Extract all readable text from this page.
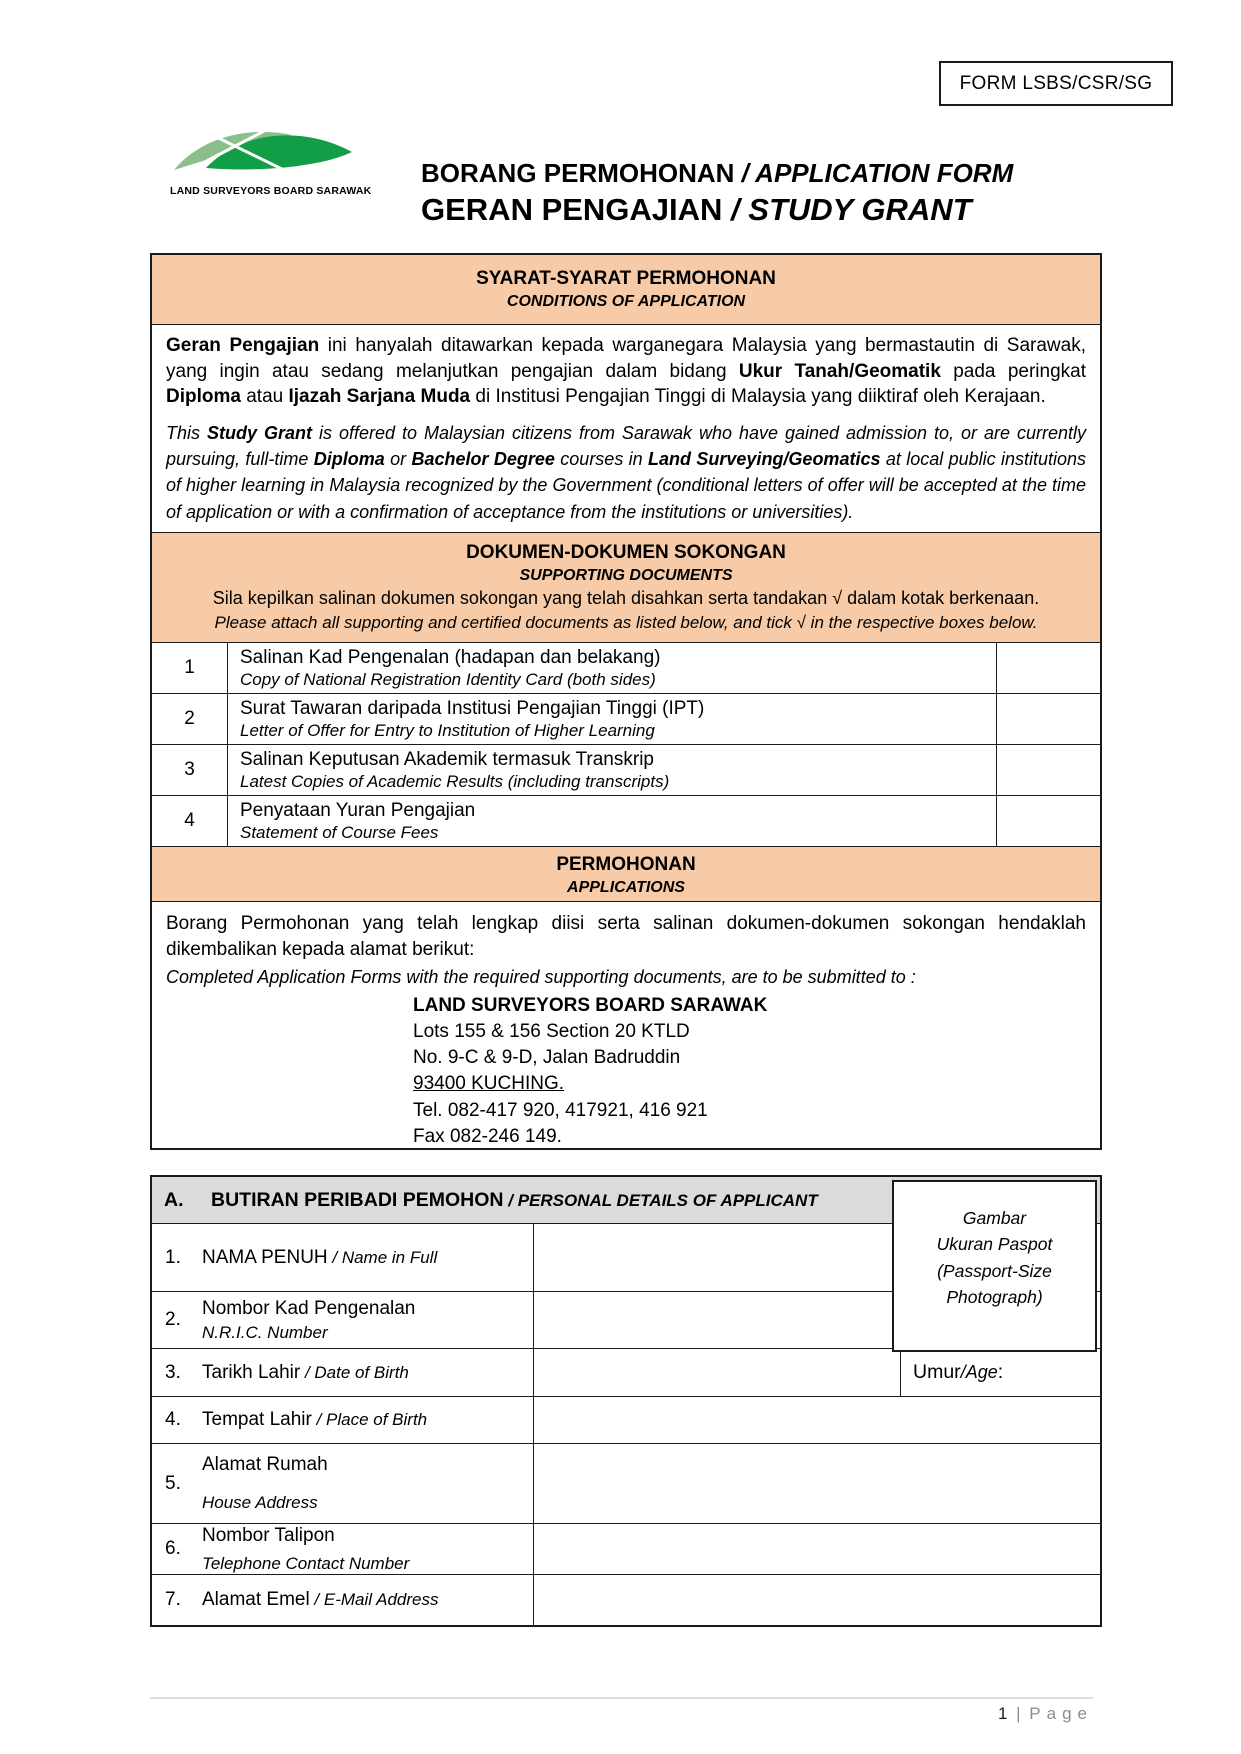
FORM LSBS/CSR/SG
LAND SURVEYORS BOARD SARAWAK
BORANG PERMOHONAN / APPLICATION FORM
GERAN PENGAJIAN / STUDY GRANT
SYARAT-SYARAT PERMOHONAN
CONDITIONS OF APPLICATION

Geran Pengajian ini hanyalah ditawarkan kepada warganegara Malaysia yang bermastautin di Sarawak, yang ingin atau sedang melanjutkan pengajian dalam bidang Ukur Tanah/Geomatik pada peringkat Diploma atau Ijazah Sarjana Muda di Institusi Pengajian Tinggi di Malaysia yang diiktiraf oleh Kerajaan.

This Study Grant is offered to Malaysian citizens from Sarawak who have gained admission to, or are currently pursuing, full-time Diploma or Bachelor Degree courses in Land Surveying/Geomatics at local public institutions of higher learning in Malaysia recognized by the Government (conditional letters of offer will be accepted at the time of application or with a confirmation of acceptance from the institutions or universities).

DOKUMEN-DOKUMEN SOKONGAN
SUPPORTING DOCUMENTS
Sila kepilkan salinan dokumen sokongan yang telah disahkan serta tandakan √ dalam kotak berkenaan.
Please attach all supporting and certified documents as listed below, and tick √ in the respective boxes below.
1	Salinan Kad Pengenalan (hadapan dan belakang)
Copy of National Registration Identity Card (both sides)
2	Surat Tawaran daripada Institusi Pengajian Tinggi (IPT)
Letter of Offer for Entry to Institution of Higher Learning
3	Salinan Keputusan Akademik termasuk Transkrip
Latest Copies of Academic Results (including transcripts)
4	Penyataan Yuran Pengajian
Statement of Course Fees
PERMOHONAN
APPLICATIONS

Borang Permohonan yang telah lengkap diisi serta salinan dokumen-dokumen sokongan hendaklah dikembalikan kepada alamat berikut:

Completed Application Forms with the required supporting documents, are to be submitted to :

LAND SURVEYORS BOARD SARAWAK
Lots 155 & 156 Section 20 KTLD
No. 9-C & 9-D, Jalan Badruddin
93400 KUCHING.
Tel. 082-417 920, 417921, 416 921
Fax 082-246 149.
A.	BUTIRAN PERIBADI PEMOHON / PERSONAL DETAILS OF APPLICANT
Gambar
Ukuran Paspot
(Passport-Size
Photograph)
1.	NAMA PENUH / Name in Full
2.
Nombor Kad Pengenalan
N.R.I.C. Number
3.	Tarikh Lahir / Date of Birth	Umur / Age :
4.	Tempat Lahir / Place of Birth
5.
Alamat Rumah
House Address
6.
Nombor Talipon
Telephone Contact Number
7.	Alamat Emel / E-Mail Address
1 | Page
